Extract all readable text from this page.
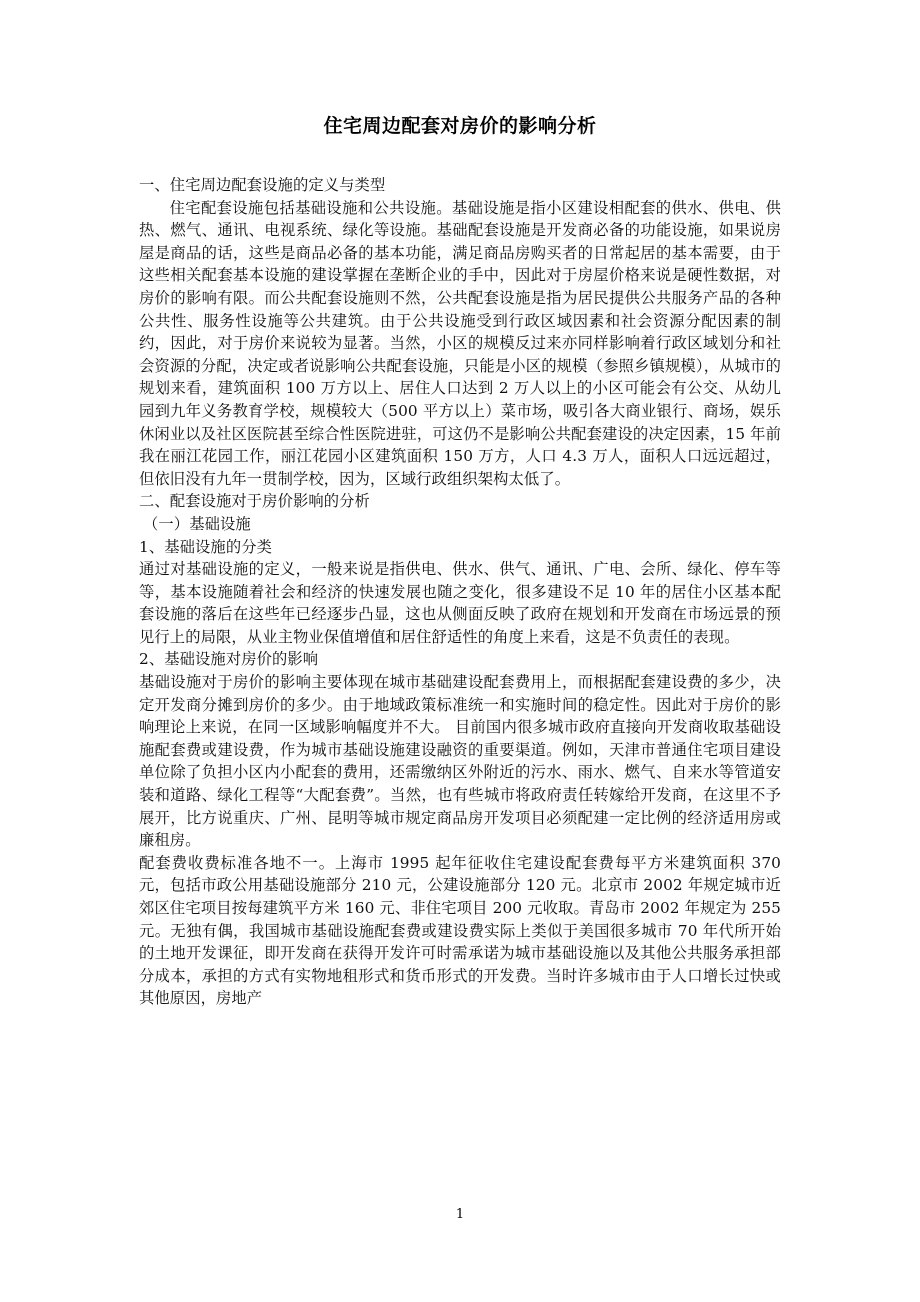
住宅周边配套对房价的影响分析

一、住宅周边配套设施的定义与类型

住宅配套设施包括基础设施和公共设施。基础设施是指小区建设相配套的供水、供电、供热、燃气、通讯、电视系统、绿化等设施。基础配套设施是开发商必备的功能设施，如果说房屋是商品的话，这些是商品必备的基本功能，满足商品房购买者的日常起居的基本需要，由于这些相关配套基本设施的建设掌握在垄断企业的手中，因此对于房屋价格来说是硬性数据，对房价的影响有限。而公共配套设施则不然，公共配套设施是指为居民提供公共服务产品的各种公共性、服务性设施等公共建筑。由于公共设施受到行政区域因素和社会资源分配因素的制约，因此，对于房价来说较为显著。当然，小区的规模反过来亦同样影响着行政区域划分和社会资源的分配，决定或者说影响公共配套设施，只能是小区的规模（参照乡镇规模），从城市的规划来看，建筑面积 100 万方以上、居住人口达到 2 万人以上的小区可能会有公交、从幼儿园到九年义务教育学校，规模较大（500 平方以上）菜市场，吸引各大商业银行、商场，娱乐休闲业以及社区医院甚至综合性医院进驻，可这仍不是影响公共配套建设的决定因素，15 年前我在丽江花园工作，丽江花园小区建筑面积 150 万方，人口 4.3 万人，面积人口远远超过，但依旧没有九年一贯制学校，因为，区域行政组织架构太低了。

二、配套设施对于房价影响的分析

（一）基础设施

1、基础设施的分类

通过对基础设施的定义，一般来说是指供电、供水、供气、通讯、广电、会所、绿化、停车等等，基本设施随着社会和经济的快速发展也随之变化，很多建设不足 10 年的居住小区基本配套设施的落后在这些年已经逐步凸显，这也从侧面反映了政府在规划和开发商在市场远景的预见行上的局限，从业主物业保值增值和居住舒适性的角度上来看，这是不负责任的表现。

2、基础设施对房价的影响

基础设施对于房价的影响主要体现在城市基础建设配套费用上，而根据配套建设费的多少，决定开发商分摊到房价的多少。由于地域政策标准统一和实施时间的稳定性。因此对于房价的影响理论上来说，在同一区域影响幅度并不大。 目前国内很多城市政府直接向开发商收取基础设施配套费或建设费，作为城市基础设施建设融资的重要渠道。例如，天津市普通住宅项目建设单位除了负担小区内小配套的费用，还需缴纳区外附近的污水、雨水、燃气、自来水等管道安装和道路、绿化工程等“大配套费”。当然，也有些城市将政府责任转嫁给开发商，在这里不予展开，比方说重庆、广州、昆明等城市规定商品房开发项目必须配建一定比例的经济适用房或廉租房。

配套费收费标准各地不一。上海市 1995 起年征收住宅建设配套费每平方米建筑面积 370 元，包括市政公用基础设施部分 210 元，公建设施部分 120 元。北京市 2002 年规定城市近郊区住宅项目按每建筑平方米 160 元、非住宅项目 200 元收取。青岛市 2002 年规定为 255 元。无独有偶，我国城市基础设施配套费或建设费实际上类似于美国很多城市 70 年代所开始的土地开发课征，即开发商在获得开发许可时需承诺为城市基础设施以及其他公共服务承担部分成本，承担的方式有实物地租形式和货币形式的开发费。当时许多城市由于人口增长过快或其他原因，房地产

1
